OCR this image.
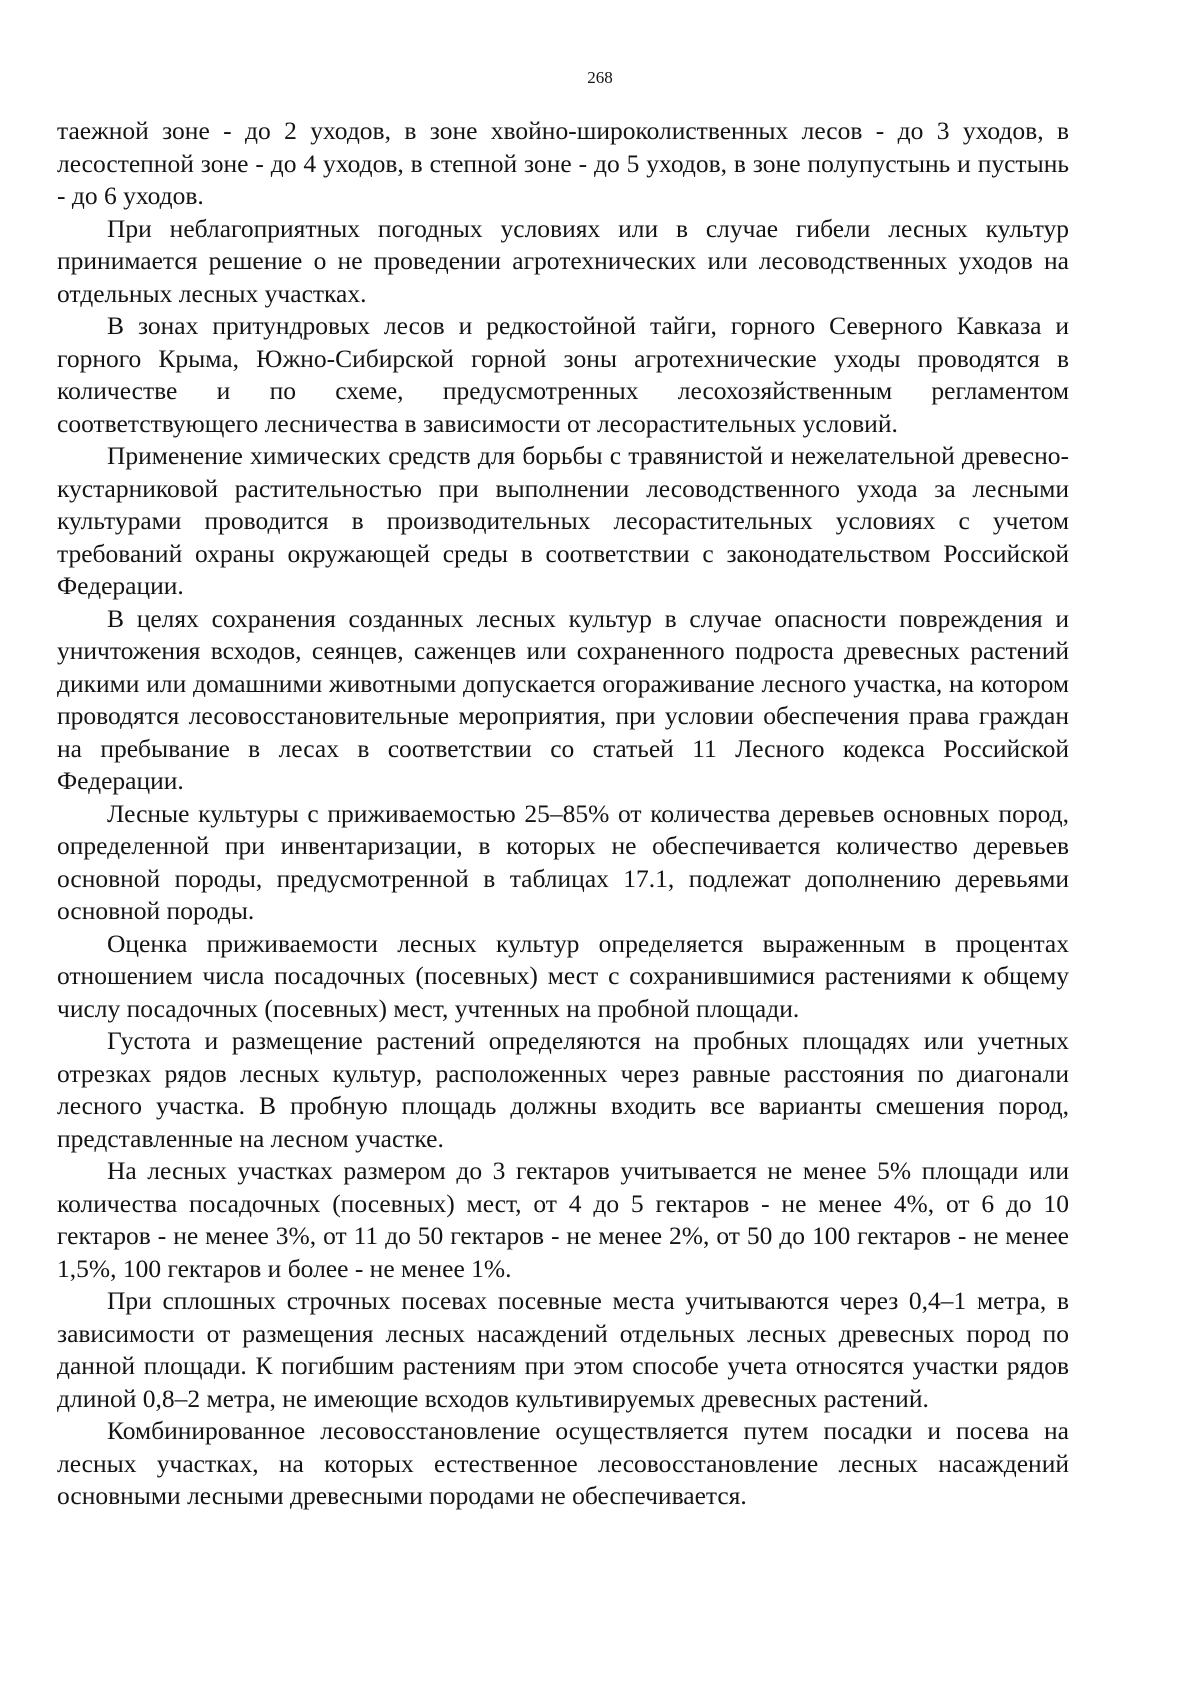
268

таежной зоне - до 2 уходов, в зоне хвойно-широколиственных лесов - до 3 уходов, в лесостепной зоне - до 4 уходов, в степной зоне - до 5 уходов, в зоне полупустынь и пустынь - до 6 уходов.

При неблагоприятных погодных условиях или в случае гибели лесных культур принимается решение о не проведении агротехнических или лесоводственных уходов на отдельных лесных участках.

В зонах притундровых лесов и редкостойной тайги, горного Северного Кавказа и горного Крыма, Южно-Сибирской горной зоны агротехнические уходы проводятся в количестве и по схеме, предусмотренных лесохозяйственным регламентом соответствующего лесничества в зависимости от лесорастительных условий.

Применение химических средств для борьбы с травянистой и нежелательной древесно-кустарниковой растительностью при выполнении лесоводственного ухода за лесными культурами проводится в производительных лесорастительных условиях с учетом требований охраны окружающей среды в соответствии с законодательством Российской Федерации.

В целях сохранения созданных лесных культур в случае опасности повреждения и уничтожения всходов, сеянцев, саженцев или сохраненного подроста древесных растений дикими или домашними животными допускается огораживание лесного участка, на котором проводятся лесовосстановительные мероприятия, при условии обеспечения права граждан на пребывание в лесах в соответствии со статьей 11 Лесного кодекса Российской Федерации.

Лесные культуры с приживаемостью 25–85% от количества деревьев основных пород, определенной при инвентаризации, в которых не обеспечивается количество деревьев основной породы, предусмотренной в таблицах 17.1, подлежат дополнению деревьями основной породы.

Оценка приживаемости лесных культур определяется выраженным в процентах отношением числа посадочных (посевных) мест с сохранившимися растениями к общему числу посадочных (посевных) мест, учтенных на пробной площади.

Густота и размещение растений определяются на пробных площадях или учетных отрезках рядов лесных культур, расположенных через равные расстояния по диагонали лесного участка. В пробную площадь должны входить все варианты смешения пород, представленные на лесном участке.

На лесных участках размером до 3 гектаров учитывается не менее 5% площади или количества посадочных (посевных) мест, от 4 до 5 гектаров - не менее 4%, от 6 до 10 гектаров - не менее 3%, от 11 до 50 гектаров - не менее 2%, от 50 до 100 гектаров - не менее 1,5%, 100 гектаров и более - не менее 1%.

При сплошных строчных посевах посевные места учитываются через 0,4–1 метра, в зависимости от размещения лесных насаждений отдельных лесных древесных пород по данной площади. К погибшим растениям при этом способе учета относятся участки рядов длиной 0,8–2 метра, не имеющие всходов культивируемых древесных растений.

Комбинированное лесовосстановление осуществляется путем посадки и посева на лесных участках, на которых естественное лесовосстановление лесных насаждений основными лесными древесными породами не обеспечивается.
